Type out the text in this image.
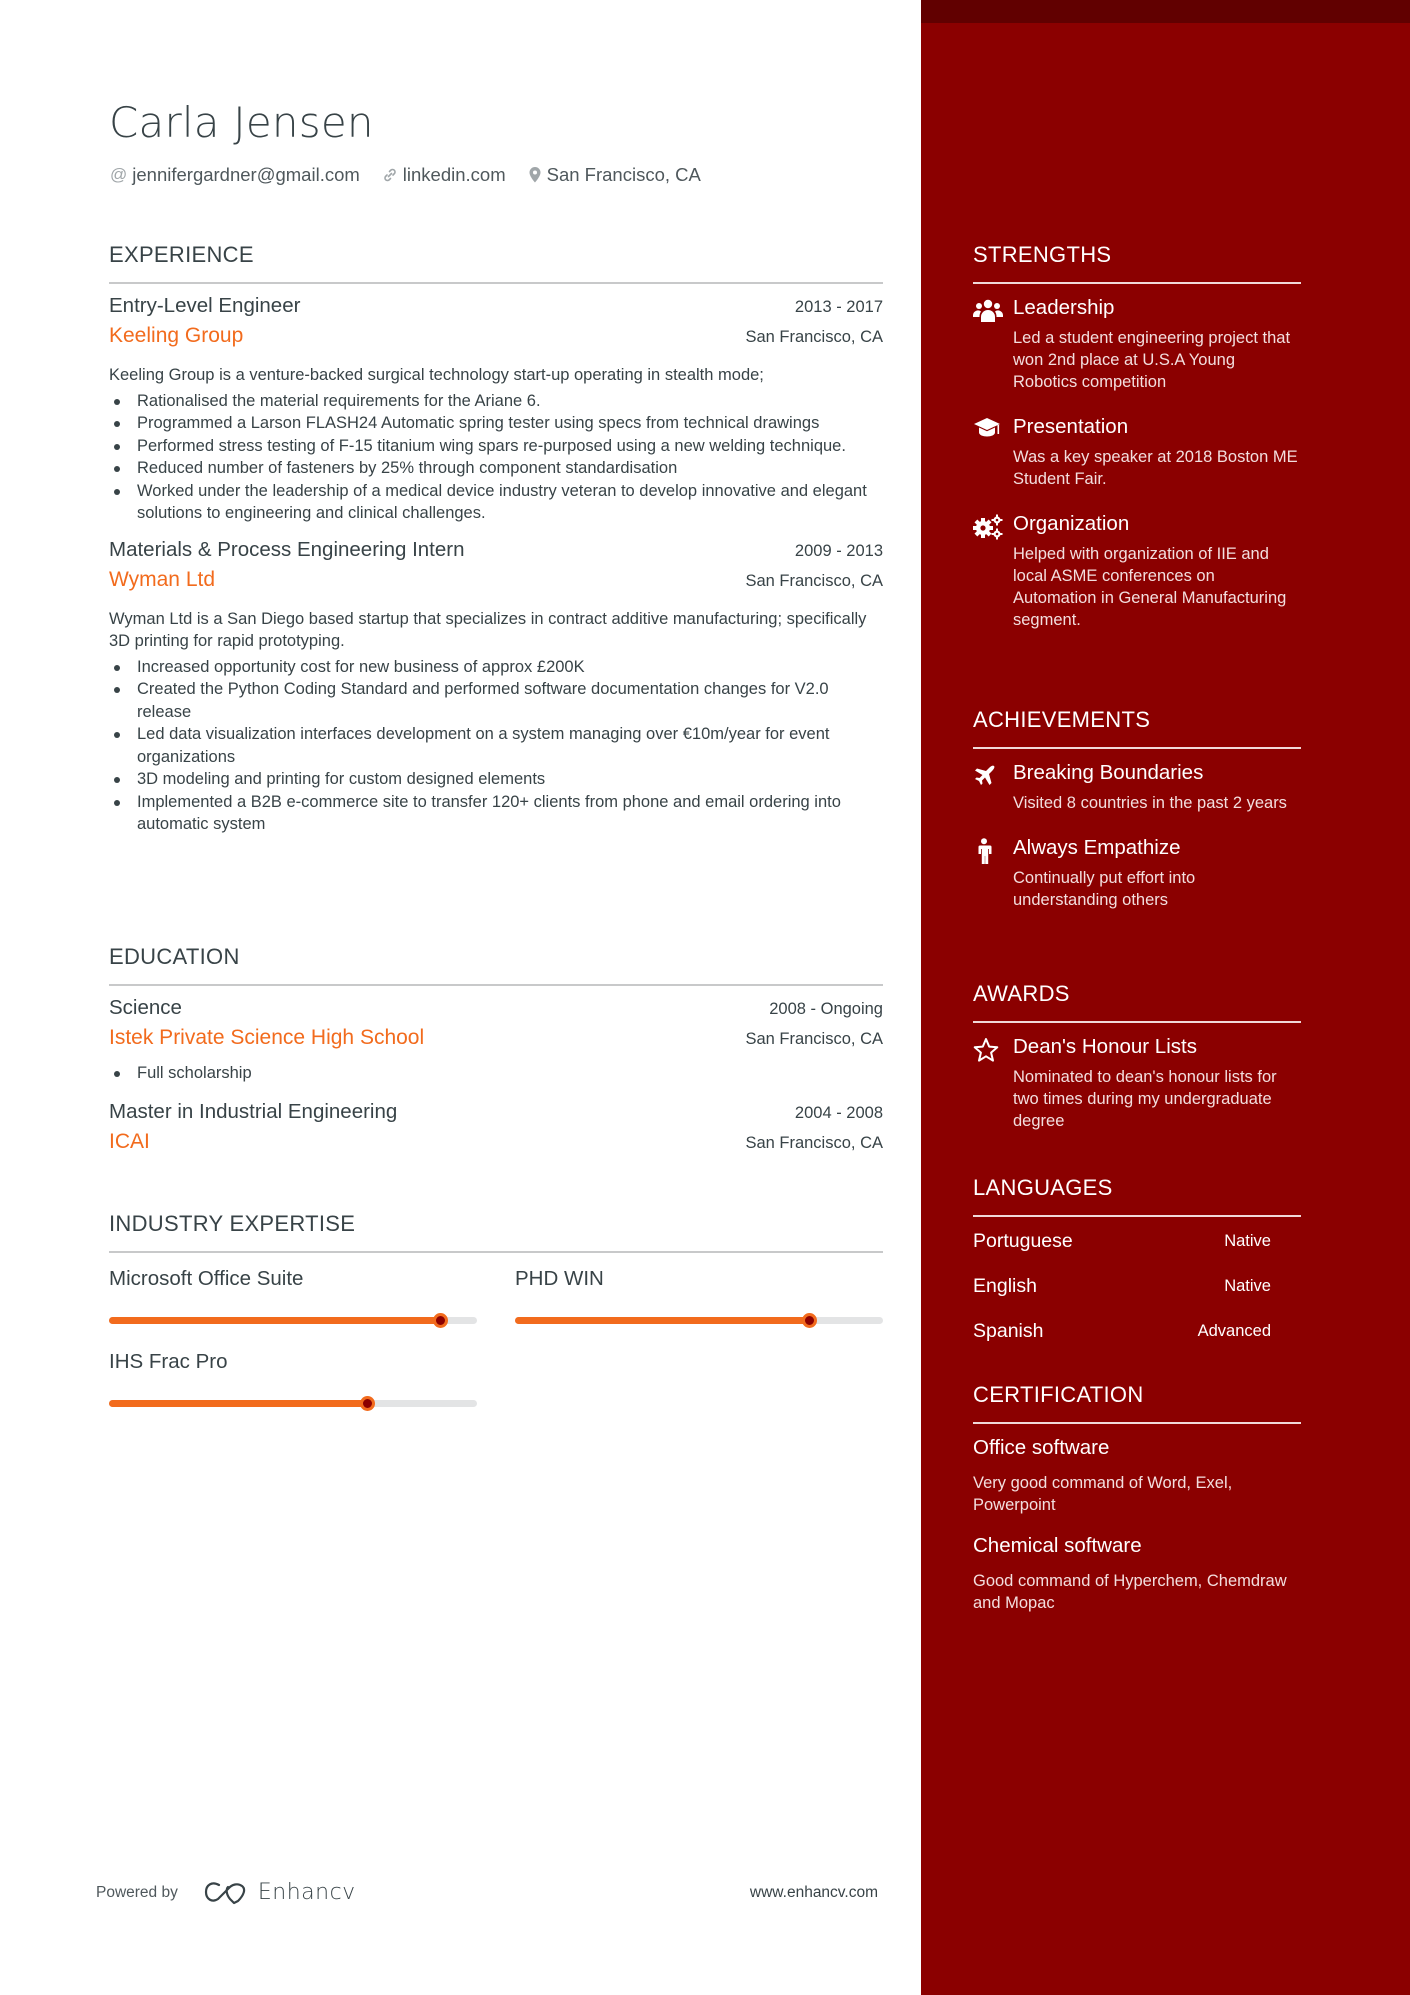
Carla Jensen
@ jennifergardner@gmail.com linkedin.com San Francisco, CA
EXPERIENCE
Entry-Level Engineer	2013 - 2017
Keeling Group	San Francisco, CA
Keeling Group is a venture-backed surgical technology start-up operating in stealth mode;
Rationalised the material requirements for the Ariane 6.
Programmed a Larson FLASH24 Automatic spring tester using specs from technical drawings
Performed stress testing of F-15 titanium wing spars re-purposed using a new welding technique.
Reduced number of fasteners by 25% through component standardisation
Worked under the leadership of a medical device industry veteran to develop innovative and elegant solutions to engineering and clinical challenges.
Materials & Process Engineering Intern	2009 - 2013
Wyman Ltd	San Francisco, CA
Wyman Ltd is a San Diego based startup that specializes in contract additive manufacturing; specifically 3D printing for rapid prototyping.
Increased opportunity cost for new business of approx £200K
Created the Python Coding Standard and performed software documentation changes for V2.0 release
Led data visualization interfaces development on a system managing over €10m/year for event organizations
3D modeling and printing for custom designed elements
Implemented a B2B e-commerce site to transfer 120+ clients from phone and email ordering into automatic system
EDUCATION
Science	2008 - Ongoing
Istek Private Science High School	San Francisco, CA
Full scholarship
Master in Industrial Engineering	2004 - 2008
ICAI	San Francisco, CA
INDUSTRY EXPERTISE
Microsoft Office Suite	PHD WIN
IHS Frac Pro
Powered by	Enhancv	www.enhancv.com
STRENGTHS
Leadership
Led a student engineering project that won 2nd place at U.S.A Young Robotics competition
Presentation
Was a key speaker at 2018 Boston ME Student Fair.
Organization
Helped with organization of IIE and local ASME conferences on Automation in General Manufacturing segment.
ACHIEVEMENTS
Breaking Boundaries
Visited 8 countries in the past 2 years
Always Empathize
Continually put effort into understanding others
AWARDS
Dean's Honour Lists
Nominated to dean's honour lists for two times during my undergraduate degree
LANGUAGES
Portuguese	Native
English	Native
Spanish	Advanced
CERTIFICATION
Office software
Very good command of Word, Exel, Powerpoint
Chemical software
Good command of Hyperchem, Chemdraw and Mopac
